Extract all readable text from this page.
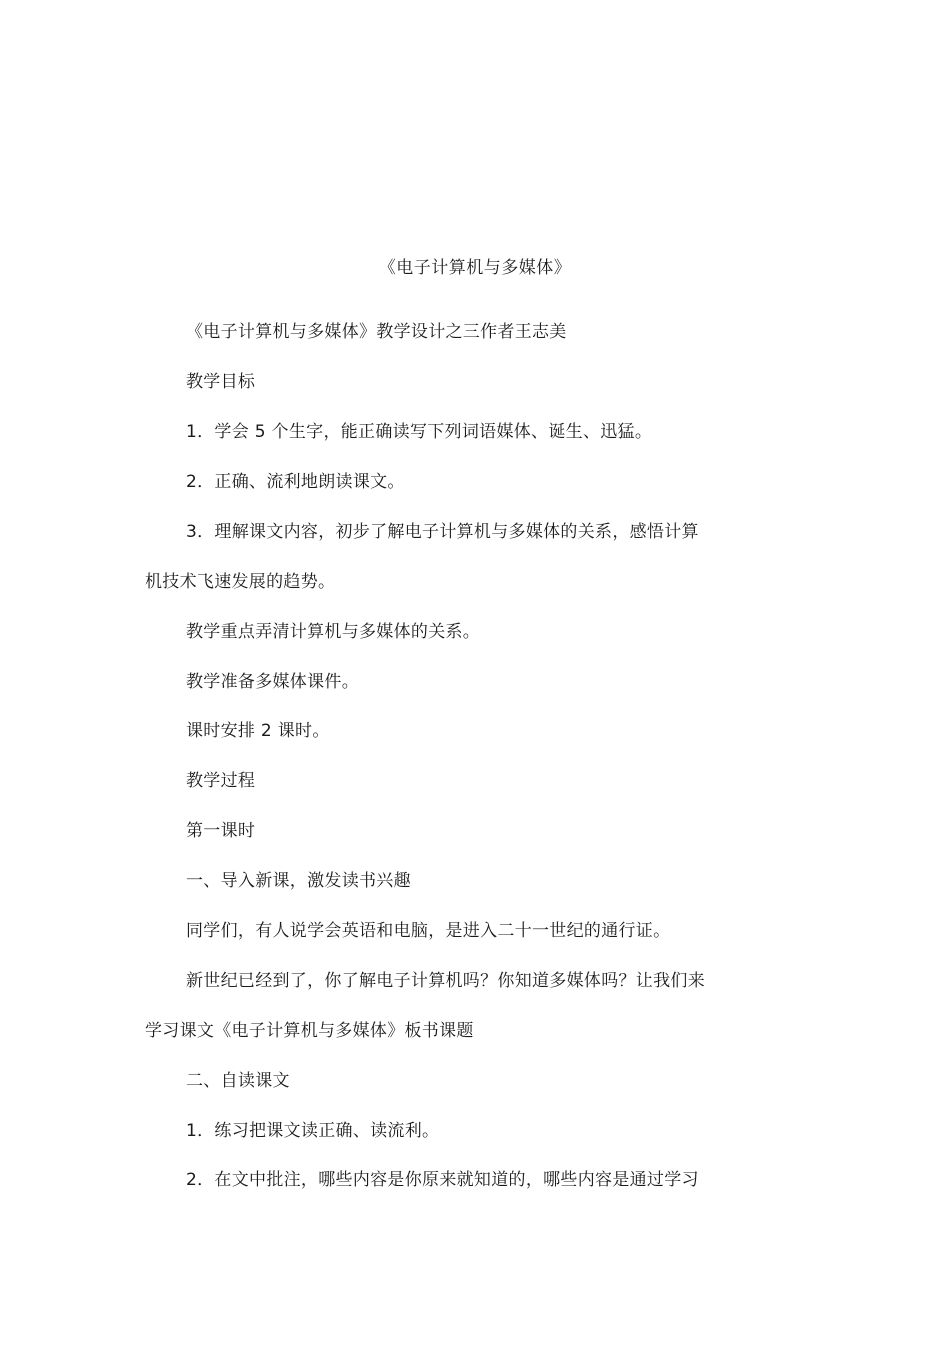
《电子计算机与多媒体》
《电子计算机与多媒体》教学设计之三作者王志美
教学目标
1．学会 5 个生字，能正确读写下列词语媒体、诞生、迅猛。
2．正确、流利地朗读课文。
3．理解课文内容，初步了解电子计算机与多媒体的关系，感悟计算
机技术飞速发展的趋势。
教学重点弄清计算机与多媒体的关系。
教学准备多媒体课件。
课时安排 2 课时。
教学过程
第一课时
一、导入新课，激发读书兴趣
同学们，有人说学会英语和电脑，是进入二十一世纪的通行证。
新世纪已经到了，你了解电子计算机吗？你知道多媒体吗？让我们来
学习课文《电子计算机与多媒体》板书课题
二、自读课文
1．练习把课文读正确、读流利。
2．在文中批注，哪些内容是你原来就知道的，哪些内容是通过学习
